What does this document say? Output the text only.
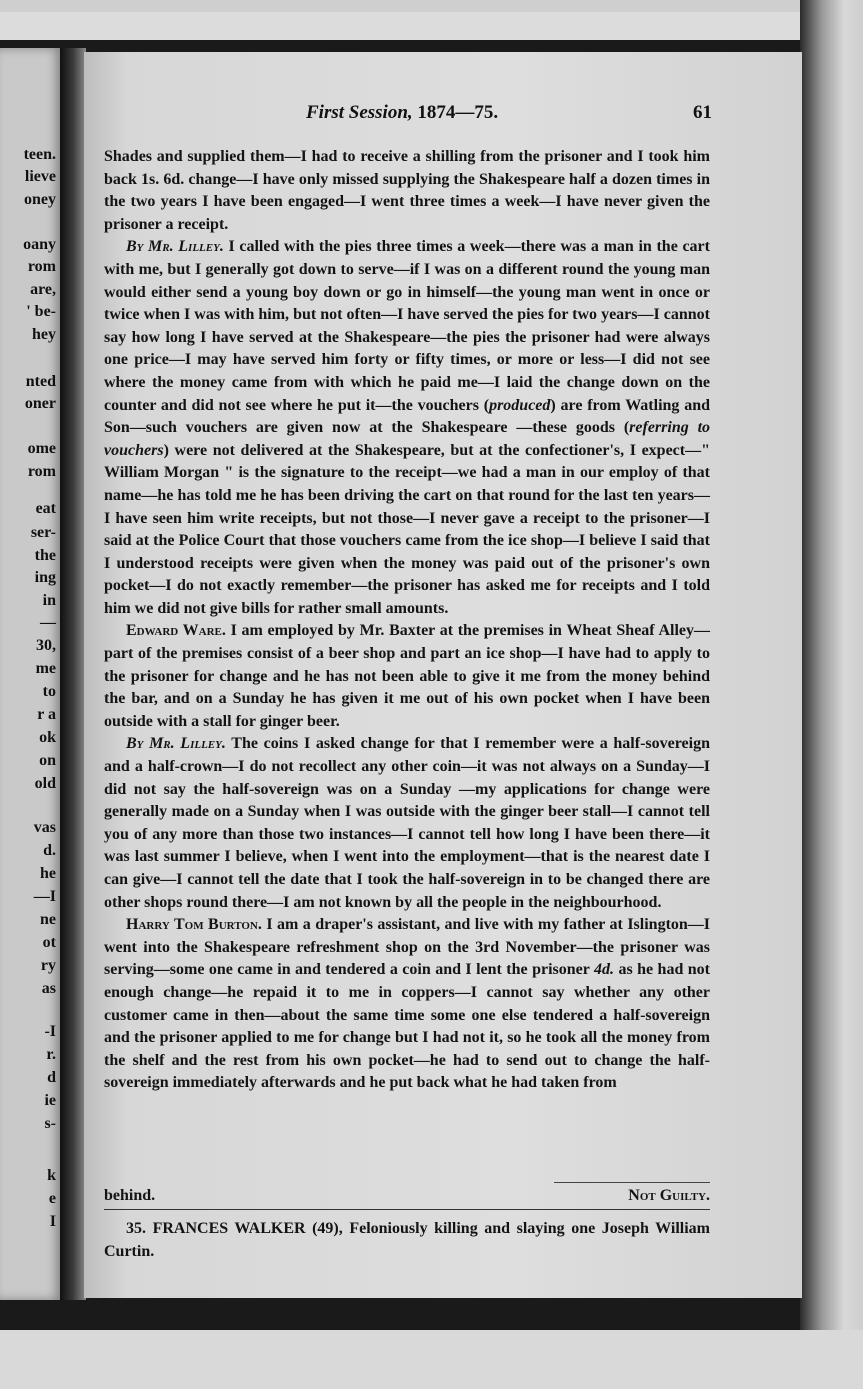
teen.
lieve
oney
oany
rom
are,
' be-
hey
nted
oner
ome
rom
eat
ser-
the
ing
in
—
30,
me
to
r a
ok
on
old
vas
d.
he
—I
ne
ot
ry
as
-I
r.
d
ie
s-
k
e
I
First Session, 1874—75.	61

Shades and supplied them—I had to receive a shilling from the prisoner and I took him back 1s. 6d. change—I have only missed supplying the Shakespeare half a dozen times in the two years I have been engaged—I went three times a week—I have never given the prisoner a receipt.

By Mr. Lilley. I called with the pies three times a week—there was a man in the cart with me, but I generally got down to serve—if I was on a different round the young man would either send a young boy down or go in himself—the young man went in once or twice when I was with him, but not often—I have served the pies for two years—I cannot say how long I have served at the Shakespeare—the pies the prisoner had were always one price—I may have served him forty or fifty times, or more or less—I did not see where the money came from with which he paid me—I laid the change down on the counter and did not see where he put it—the vouchers (produced) are from Watling and Son—such vouchers are given now at the Shakespeare —these goods (referring to vouchers) were not delivered at the Shakespeare, but at the confectioner's, I expect—" William Morgan " is the signature to the receipt—we had a man in our employ of that name—he has told me he has been driving the cart on that round for the last ten years—I have seen him write receipts, but not those—I never gave a receipt to the prisoner—I said at the Police Court that those vouchers came from the ice shop—I believe I said that I understood receipts were given when the money was paid out of the prisoner's own pocket—I do not exactly remember—the prisoner has asked me for receipts and I told him we did not give bills for rather small amounts.

Edward Ware. I am employed by Mr. Baxter at the premises in Wheat Sheaf Alley—part of the premises consist of a beer shop and part an ice shop—I have had to apply to the prisoner for change and he has not been able to give it me from the money behind the bar, and on a Sunday he has given it me out of his own pocket when I have been outside with a stall for ginger beer.

By Mr. Lilley. The coins I asked change for that I remember were a half-sovereign and a half-crown—I do not recollect any other coin—it was not always on a Sunday—I did not say the half-sovereign was on a Sunday —my applications for change were generally made on a Sunday when I was outside with the ginger beer stall—I cannot tell you of any more than those two instances—I cannot tell how long I have been there—it was last summer I believe, when I went into the employment—that is the nearest date I can give—I cannot tell the date that I took the half-sovereign in to be changed there are other shops round there—I am not known by all the people in the neighbourhood.

Harry Tom Burton. I am a draper's assistant, and live with my father at Islington—I went into the Shakespeare refreshment shop on the 3rd November—the prisoner was serving—some one came in and tendered a coin and I lent the prisoner 4d. as he had not enough change—he repaid it to me in coppers—I cannot say whether any other customer came in then—about the same time some one else tendered a half-sovereign and the prisoner applied to me for change but I had not it, so he took all the money from the shelf and the rest from his own pocket—he had to send out to change the half-sovereign immediately afterwards and he put back what he had taken from

behind.	Not Guilty.
35. FRANCES WALKER (49), Feloniously killing and slaying one Joseph William Curtin.
